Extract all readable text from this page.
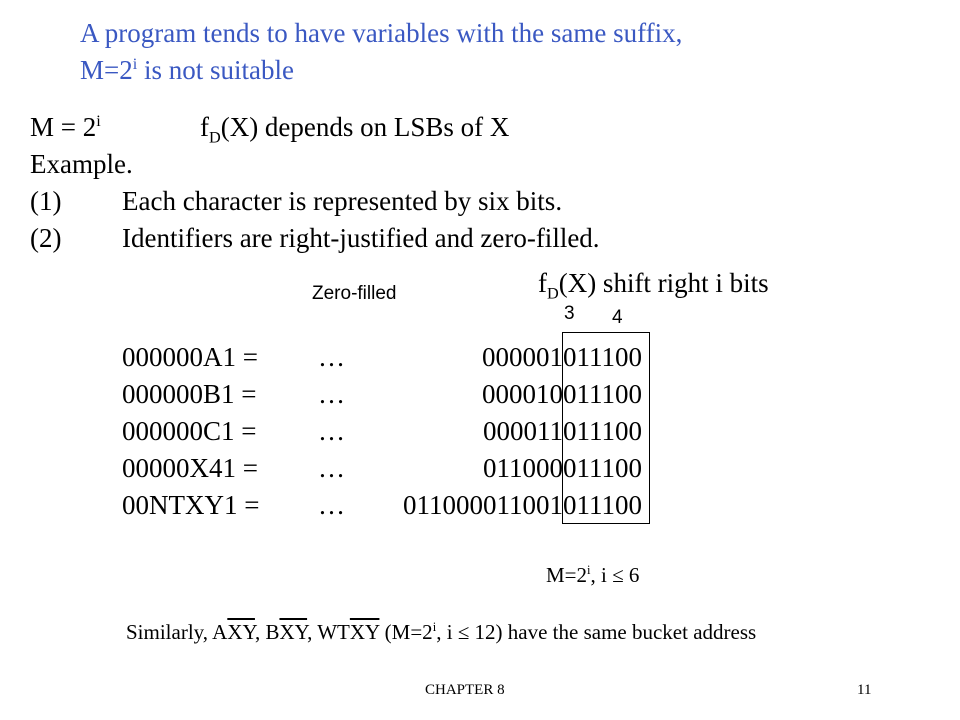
A program tends to have variables with the same suffix,
$M=2^i$ is not suitable
$M = 2^i$	$f_D(X)$ depends on LSBs of X
Example.
(1) Each character is represented by six bits.
(2) Identifiers are right-justified and zero-filled.
Zero-filled	$f_D(X)$ shift right i bits
3 4
000000A1 = …	000001011100
000000B1 = …	000010011100
000000C1 = …	000011011100
00000X41 = …	011000011100
00NTXY1 = … 011000011001011100
$M=2^i$, i ≤ 6
Similarly, $A\overline{XY}$, $B\overline{XY}$, $WT\overline{XY}$ ($M=2^i$, i ≤ 12) have the same bucket address
CHAPTER 8	11
